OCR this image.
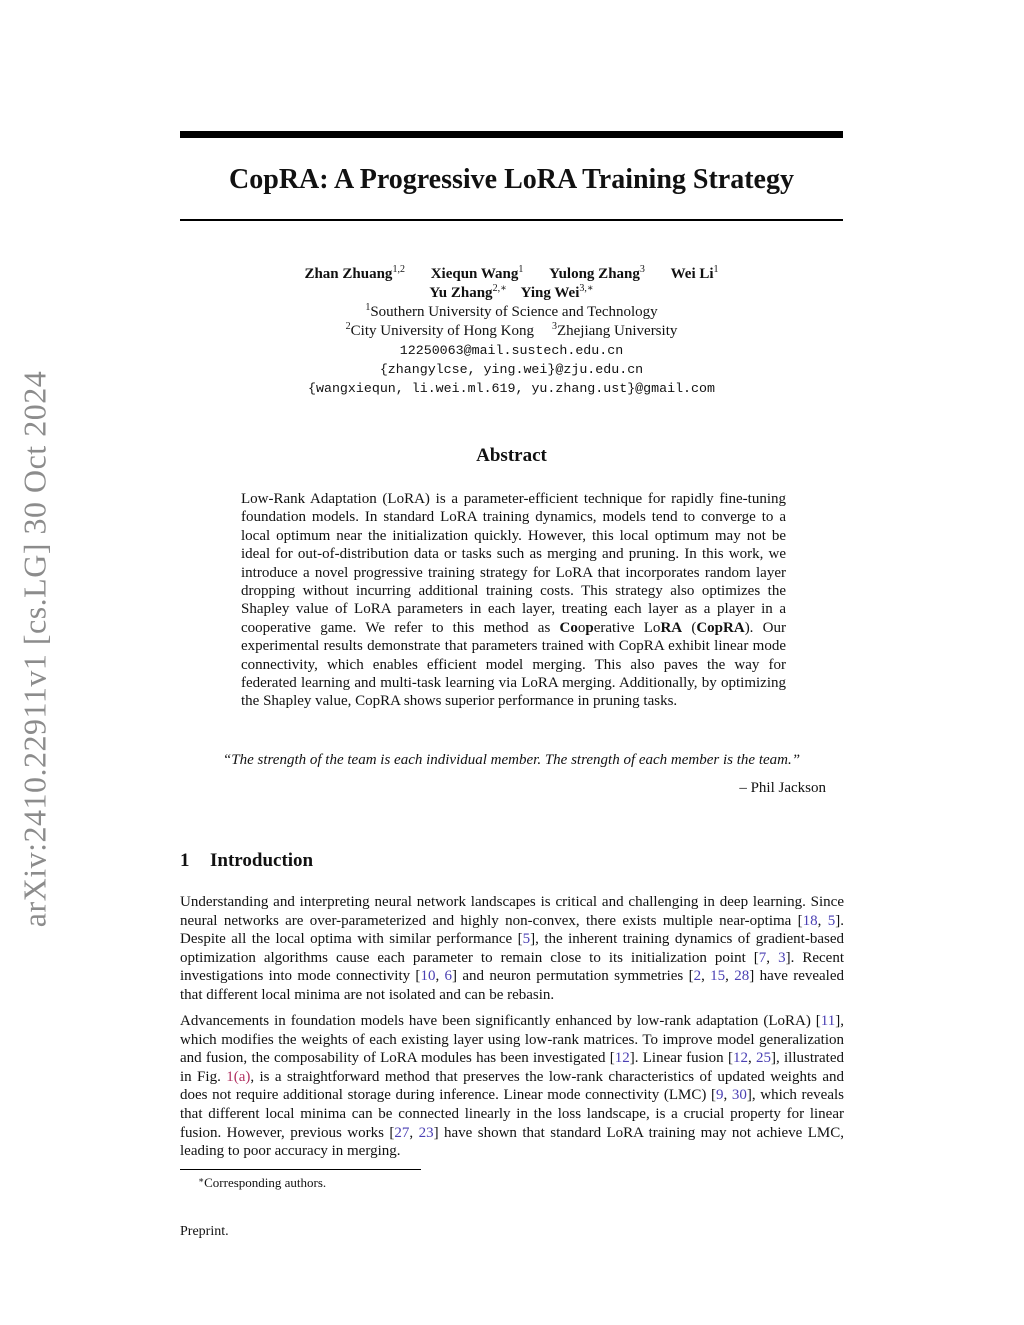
arXiv:2410.22911v1 [cs.LG] 30 Oct 2024
CopRA: A Progressive LoRA Training Strategy
Zhan Zhuang$^{1,2}$ Xiequn Wang$^1$ Yulong Zhang$^3$ Wei Li$^1$
Yu Zhang$^{2,∗}$ Ying Wei$^{3,∗}$
$^1$Southern University of Science and Technology
$^2$City University of Hong Kong $^3$Zhejiang University
12250063@mail.sustech.edu.cn
{zhangylcse, ying.wei}@zju.edu.cn
{wangxiequn, li.wei.ml.619, yu.zhang.ust}@gmail.com
Abstract
Low-Rank Adaptation (LoRA) is a parameter-efficient technique for rapidly fine-tuning foundation models. In standard LoRA training dynamics, models tend to converge to a local optimum near the initialization quickly. However, this local optimum may not be ideal for out-of-distribution data or tasks such as merging and pruning. In this work, we introduce a novel progressive training strategy for LoRA that incorporates random layer dropping without incurring additional training costs. This strategy also optimizes the Shapley value of LoRA parameters in each layer, treating each layer as a player in a cooperative game. We refer to this method as Cooperative LoRA (CopRA). Our experimental results demonstrate that parameters trained with CopRA exhibit linear mode connectivity, which enables efficient model merging. This also paves the way for federated learning and multi-task learning via LoRA merging. Additionally, by optimizing the Shapley value, CopRA shows superior performance in pruning tasks.
“The strength of the team is each individual member. The strength of each member is the team.”
– Phil Jackson
1 Introduction
Understanding and interpreting neural network landscapes is critical and challenging in deep learning. Since neural networks are over-parameterized and highly non-convex, there exists multiple near-optima [18, 5]. Despite all the local optima with similar performance [5], the inherent training dynamics of gradient-based optimization algorithms cause each parameter to remain close to its initialization point [7, 3]. Recent investigations into mode connectivity [10, 6] and neuron permutation symmetries [2, 15, 28] have revealed that different local minima are not isolated and can be rebasin.
Advancements in foundation models have been significantly enhanced by low-rank adaptation (LoRA) [11], which modifies the weights of each existing layer using low-rank matrices. To improve model generalization and fusion, the composability of LoRA modules has been investigated [12]. Linear fusion [12, 25], illustrated in Fig. 1(a), is a straightforward method that preserves the low-rank characteristics of updated weights and does not require additional storage during inference. Linear mode connectivity (LMC) [9, 30], which reveals that different local minima can be connected linearly in the loss landscape, is a crucial property for linear fusion. However, previous works [27, 23] have shown that standard LoRA training may not achieve LMC, leading to poor accuracy in merging.
∗Corresponding authors.
Preprint.
